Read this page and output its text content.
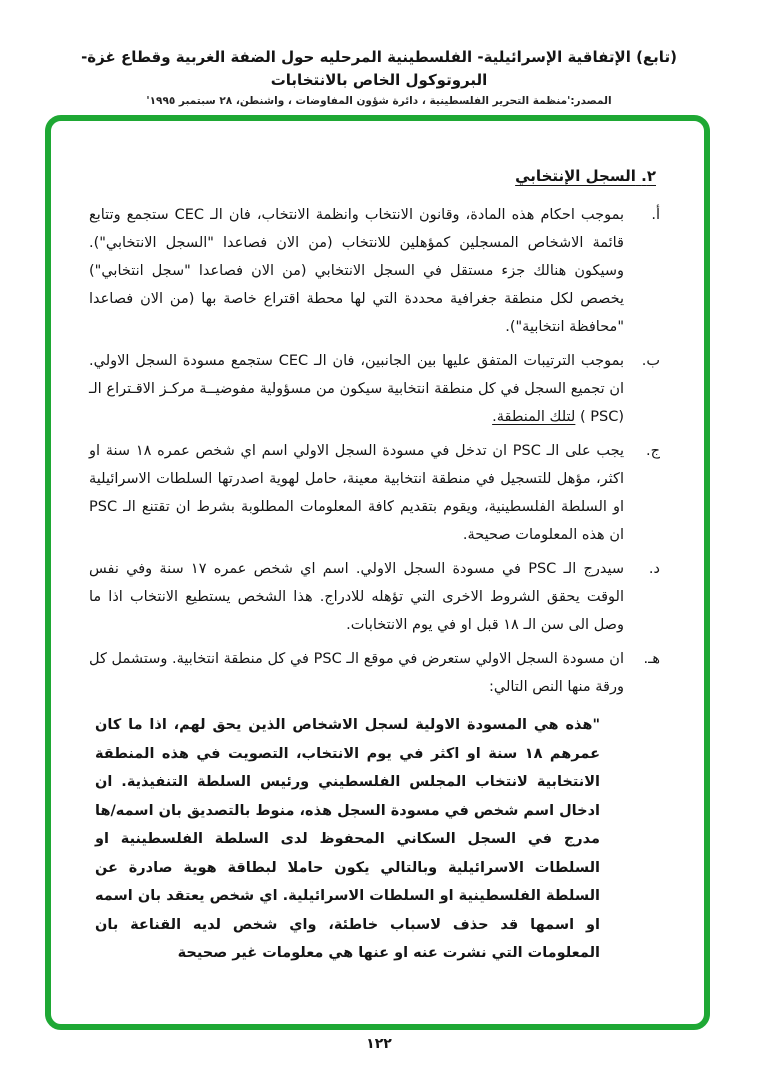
(تابع) الإتفاقية الإسرائيلية- الفلسطينية المرحليه حول الضفة الغربية وقطاع غزة- البروتوكول الخاص بالانتخابات
المصدر:'منظمة التحرير الفلسطينية ، دائرة شؤون المفاوضات ، واشنطن، ٢٨ سبتمبر ١٩٩٥'
٢. السجل الإنتخابي
أ.
بموجب احكام هذه المادة، وقانون الانتخاب وانظمة الانتخاب، فان الـ CEC ستجمع وتتابع قائمة الاشخاص المسجلين كمؤهلين للانتخاب (من الان فصاعدا "السجل الانتخابي"). وسيكون هنالك جزء مستقل في السجل الانتخابي (من الان فصاعدا "سجل انتخابي") يخصص لكل منطقة جغرافية محددة التي لها محطة اقتراع خاصة بها (من الان فصاعدا "محافظة انتخابية").
ب.
بموجب الترتيبات المتفق عليها بين الجانبين، فان الـ CEC ستجمع مسودة السجل الاولي. ان تجميع السجل في كل منطقة انتخابية سيكون من مسؤولية مفوضيــة مركـز الاقـتراع الـ (PSC ) لتلك المنطقة.
ج.
يجب على الـ PSC ان تدخل في مسودة السجل الاولي اسم اي شخص عمره ١٨ سنة او اكثر، مؤهل للتسجيل في منطقة انتخابية معينة، حامل لهوية اصدرتها السلطات الاسرائيلية او السلطة الفلسطينية، ويقوم بتقديم كافة المعلومات المطلوبة بشرط ان تقتنع الـ PSC ان هذه المعلومات صحيحة.
د.
سيدرج الـ PSC في مسودة السجل الاولي. اسم اي شخص عمره ١٧ سنة وفي نفس الوقت يحقق الشروط الاخرى التي تؤهله للادراج. هذا الشخص يستطيع الانتخاب اذا ما وصل الى سن الـ ١٨ قبل او في يوم الانتخابات.
هـ.
ان مسودة السجل الاولي ستعرض في موقع الـ PSC في كل منطقة انتخابية. وستشمل كل ورقة منها النص التالي:
"هذه هي المسودة الاولية لسجل الاشخاص الذين يحق لهم، اذا ما كان عمرهم ١٨ سنة او اكثر في يوم الانتخاب، التصويت في هذه المنطقة الانتخابية لانتخاب المجلس الفلسطيني ورئيس السلطة التنفيذية. ان ادخال اسم شخص في مسودة السجل هذه، منوط بالتصديق بان اسمه/ها مدرج في السجل السكاني المحفوظ لدى السلطة الفلسطينية او السلطات الاسرائيلية وبالتالي يكون حاملا لبطاقة هوية صادرة عن السلطة الفلسطينية او السلطات الاسرائيلية. اي شخص يعتقد بان اسمه او اسمها قد حذف لاسباب خاطئة، واي شخص لديه القناعة بان المعلومات التي نشرت عنه او عنها هي معلومات غير صحيحة
١٢٢
